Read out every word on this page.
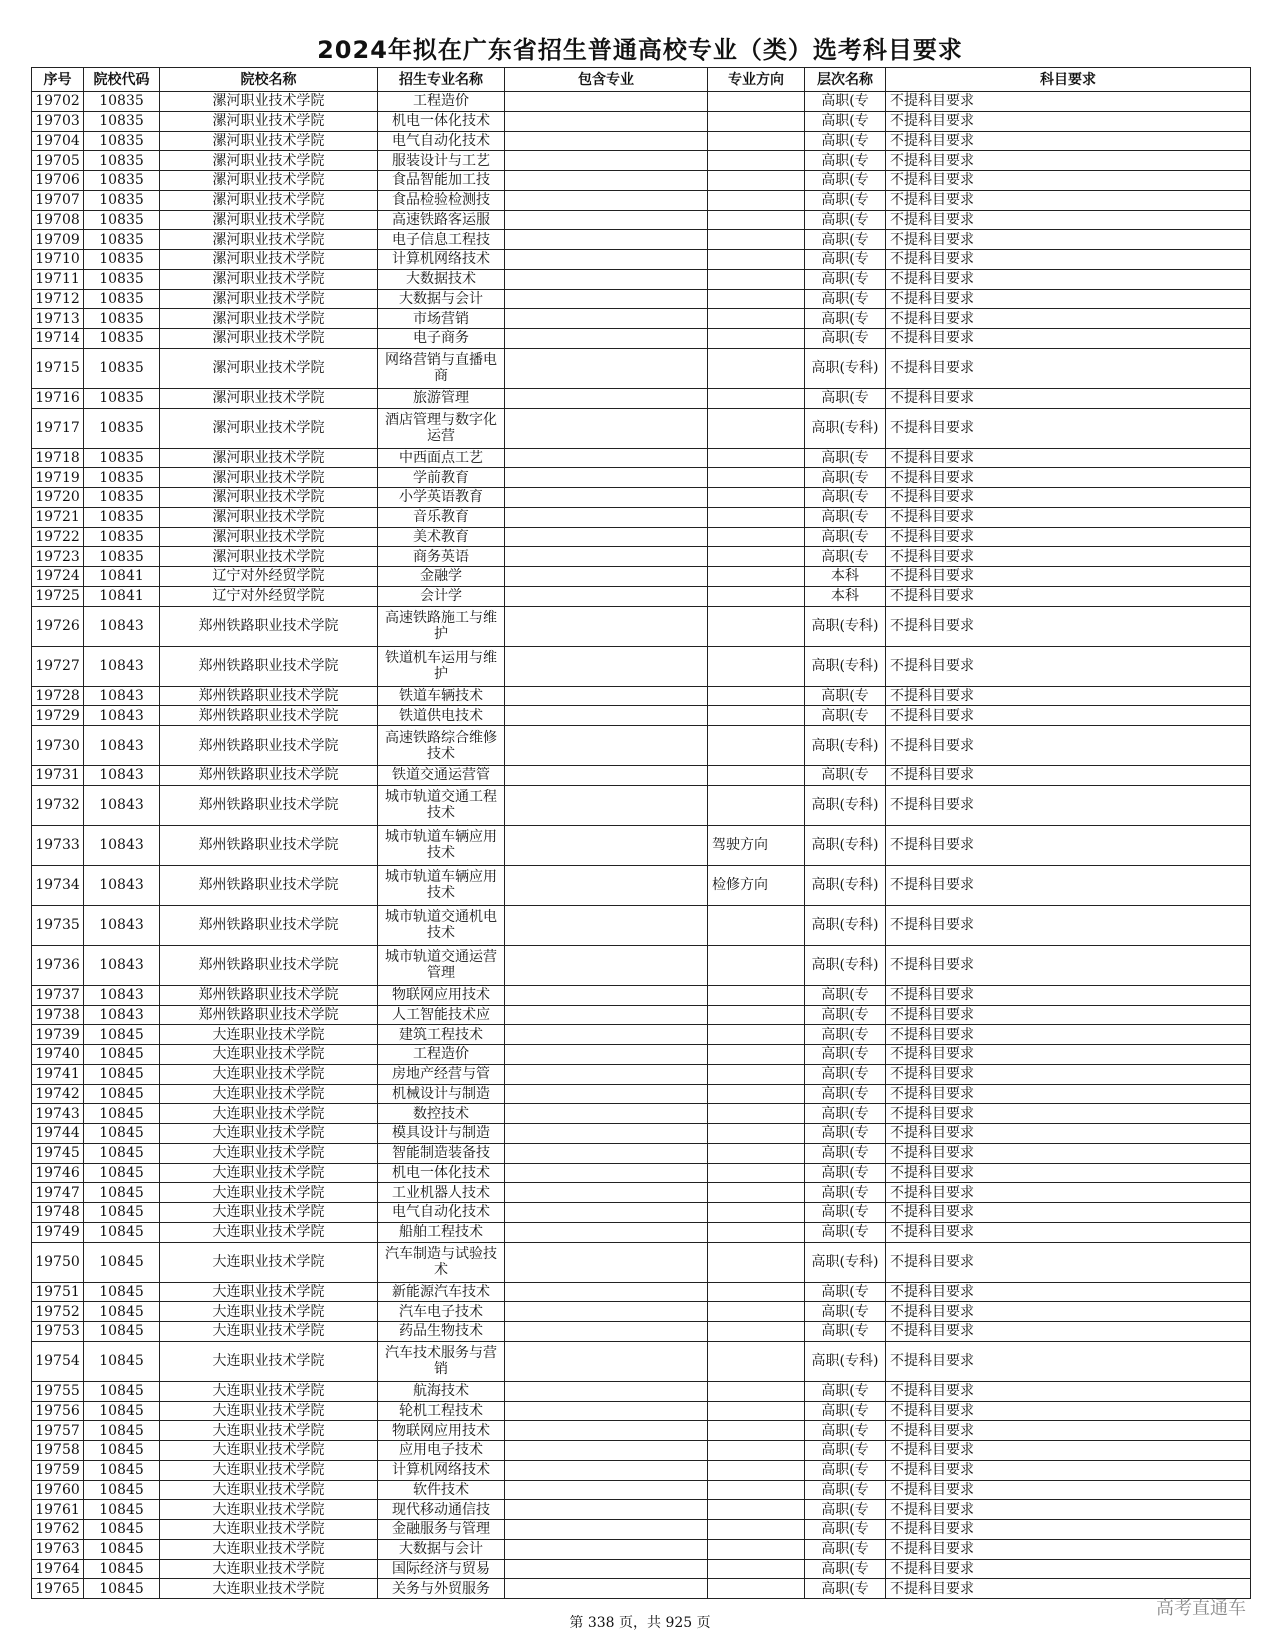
2024年拟在广东省招生普通高校专业（类）选考科目要求
序号	院校代码	院校名称	招生专业名称	包含专业	专业方向	层次名称	科目要求
19702	10835	漯河职业技术学院	工程造价			高职(专	不提科目要求
19703	10835	漯河职业技术学院	机电一体化技术			高职(专	不提科目要求
19704	10835	漯河职业技术学院	电气自动化技术			高职(专	不提科目要求
19705	10835	漯河职业技术学院	服装设计与工艺			高职(专	不提科目要求
19706	10835	漯河职业技术学院	食品智能加工技			高职(专	不提科目要求
19707	10835	漯河职业技术学院	食品检验检测技			高职(专	不提科目要求
19708	10835	漯河职业技术学院	高速铁路客运服			高职(专	不提科目要求
19709	10835	漯河职业技术学院	电子信息工程技			高职(专	不提科目要求
19710	10835	漯河职业技术学院	计算机网络技术			高职(专	不提科目要求
19711	10835	漯河职业技术学院	大数据技术			高职(专	不提科目要求
19712	10835	漯河职业技术学院	大数据与会计			高职(专	不提科目要求
19713	10835	漯河职业技术学院	市场营销			高职(专	不提科目要求
19714	10835	漯河职业技术学院	电子商务			高职(专	不提科目要求
19715	10835	漯河职业技术学院	网络营销与直播电商			高职(专科)	不提科目要求
19716	10835	漯河职业技术学院	旅游管理			高职(专	不提科目要求
19717	10835	漯河职业技术学院	酒店管理与数字化运营			高职(专科)	不提科目要求
19718	10835	漯河职业技术学院	中西面点工艺			高职(专	不提科目要求
19719	10835	漯河职业技术学院	学前教育			高职(专	不提科目要求
19720	10835	漯河职业技术学院	小学英语教育			高职(专	不提科目要求
19721	10835	漯河职业技术学院	音乐教育			高职(专	不提科目要求
19722	10835	漯河职业技术学院	美术教育			高职(专	不提科目要求
19723	10835	漯河职业技术学院	商务英语			高职(专	不提科目要求
19724	10841	辽宁对外经贸学院	金融学			本科	不提科目要求
19725	10841	辽宁对外经贸学院	会计学			本科	不提科目要求
19726	10843	郑州铁路职业技术学院	高速铁路施工与维护			高职(专科)	不提科目要求
19727	10843	郑州铁路职业技术学院	铁道机车运用与维护			高职(专科)	不提科目要求
19728	10843	郑州铁路职业技术学院	铁道车辆技术			高职(专	不提科目要求
19729	10843	郑州铁路职业技术学院	铁道供电技术			高职(专	不提科目要求
19730	10843	郑州铁路职业技术学院	高速铁路综合维修技术			高职(专科)	不提科目要求
19731	10843	郑州铁路职业技术学院	铁道交通运营管			高职(专	不提科目要求
19732	10843	郑州铁路职业技术学院	城市轨道交通工程技术			高职(专科)	不提科目要求
19733	10843	郑州铁路职业技术学院	城市轨道车辆应用技术		驾驶方向	高职(专科)	不提科目要求
19734	10843	郑州铁路职业技术学院	城市轨道车辆应用技术		检修方向	高职(专科)	不提科目要求
19735	10843	郑州铁路职业技术学院	城市轨道交通机电技术			高职(专科)	不提科目要求
19736	10843	郑州铁路职业技术学院	城市轨道交通运营管理			高职(专科)	不提科目要求
19737	10843	郑州铁路职业技术学院	物联网应用技术			高职(专	不提科目要求
19738	10843	郑州铁路职业技术学院	人工智能技术应			高职(专	不提科目要求
19739	10845	大连职业技术学院	建筑工程技术			高职(专	不提科目要求
19740	10845	大连职业技术学院	工程造价			高职(专	不提科目要求
19741	10845	大连职业技术学院	房地产经营与管			高职(专	不提科目要求
19742	10845	大连职业技术学院	机械设计与制造			高职(专	不提科目要求
19743	10845	大连职业技术学院	数控技术			高职(专	不提科目要求
19744	10845	大连职业技术学院	模具设计与制造			高职(专	不提科目要求
19745	10845	大连职业技术学院	智能制造装备技			高职(专	不提科目要求
19746	10845	大连职业技术学院	机电一体化技术			高职(专	不提科目要求
19747	10845	大连职业技术学院	工业机器人技术			高职(专	不提科目要求
19748	10845	大连职业技术学院	电气自动化技术			高职(专	不提科目要求
19749	10845	大连职业技术学院	船舶工程技术			高职(专	不提科目要求
19750	10845	大连职业技术学院	汽车制造与试验技术			高职(专科)	不提科目要求
19751	10845	大连职业技术学院	新能源汽车技术			高职(专	不提科目要求
19752	10845	大连职业技术学院	汽车电子技术			高职(专	不提科目要求
19753	10845	大连职业技术学院	药品生物技术			高职(专	不提科目要求
19754	10845	大连职业技术学院	汽车技术服务与营销			高职(专科)	不提科目要求
19755	10845	大连职业技术学院	航海技术			高职(专	不提科目要求
19756	10845	大连职业技术学院	轮机工程技术			高职(专	不提科目要求
19757	10845	大连职业技术学院	物联网应用技术			高职(专	不提科目要求
19758	10845	大连职业技术学院	应用电子技术			高职(专	不提科目要求
19759	10845	大连职业技术学院	计算机网络技术			高职(专	不提科目要求
19760	10845	大连职业技术学院	软件技术			高职(专	不提科目要求
19761	10845	大连职业技术学院	现代移动通信技			高职(专	不提科目要求
19762	10845	大连职业技术学院	金融服务与管理			高职(专	不提科目要求
19763	10845	大连职业技术学院	大数据与会计			高职(专	不提科目要求
19764	10845	大连职业技术学院	国际经济与贸易			高职(专	不提科目要求
19765	10845	大连职业技术学院	关务与外贸服务			高职(专	不提科目要求
第 338 页，共 925 页
高考直通车
